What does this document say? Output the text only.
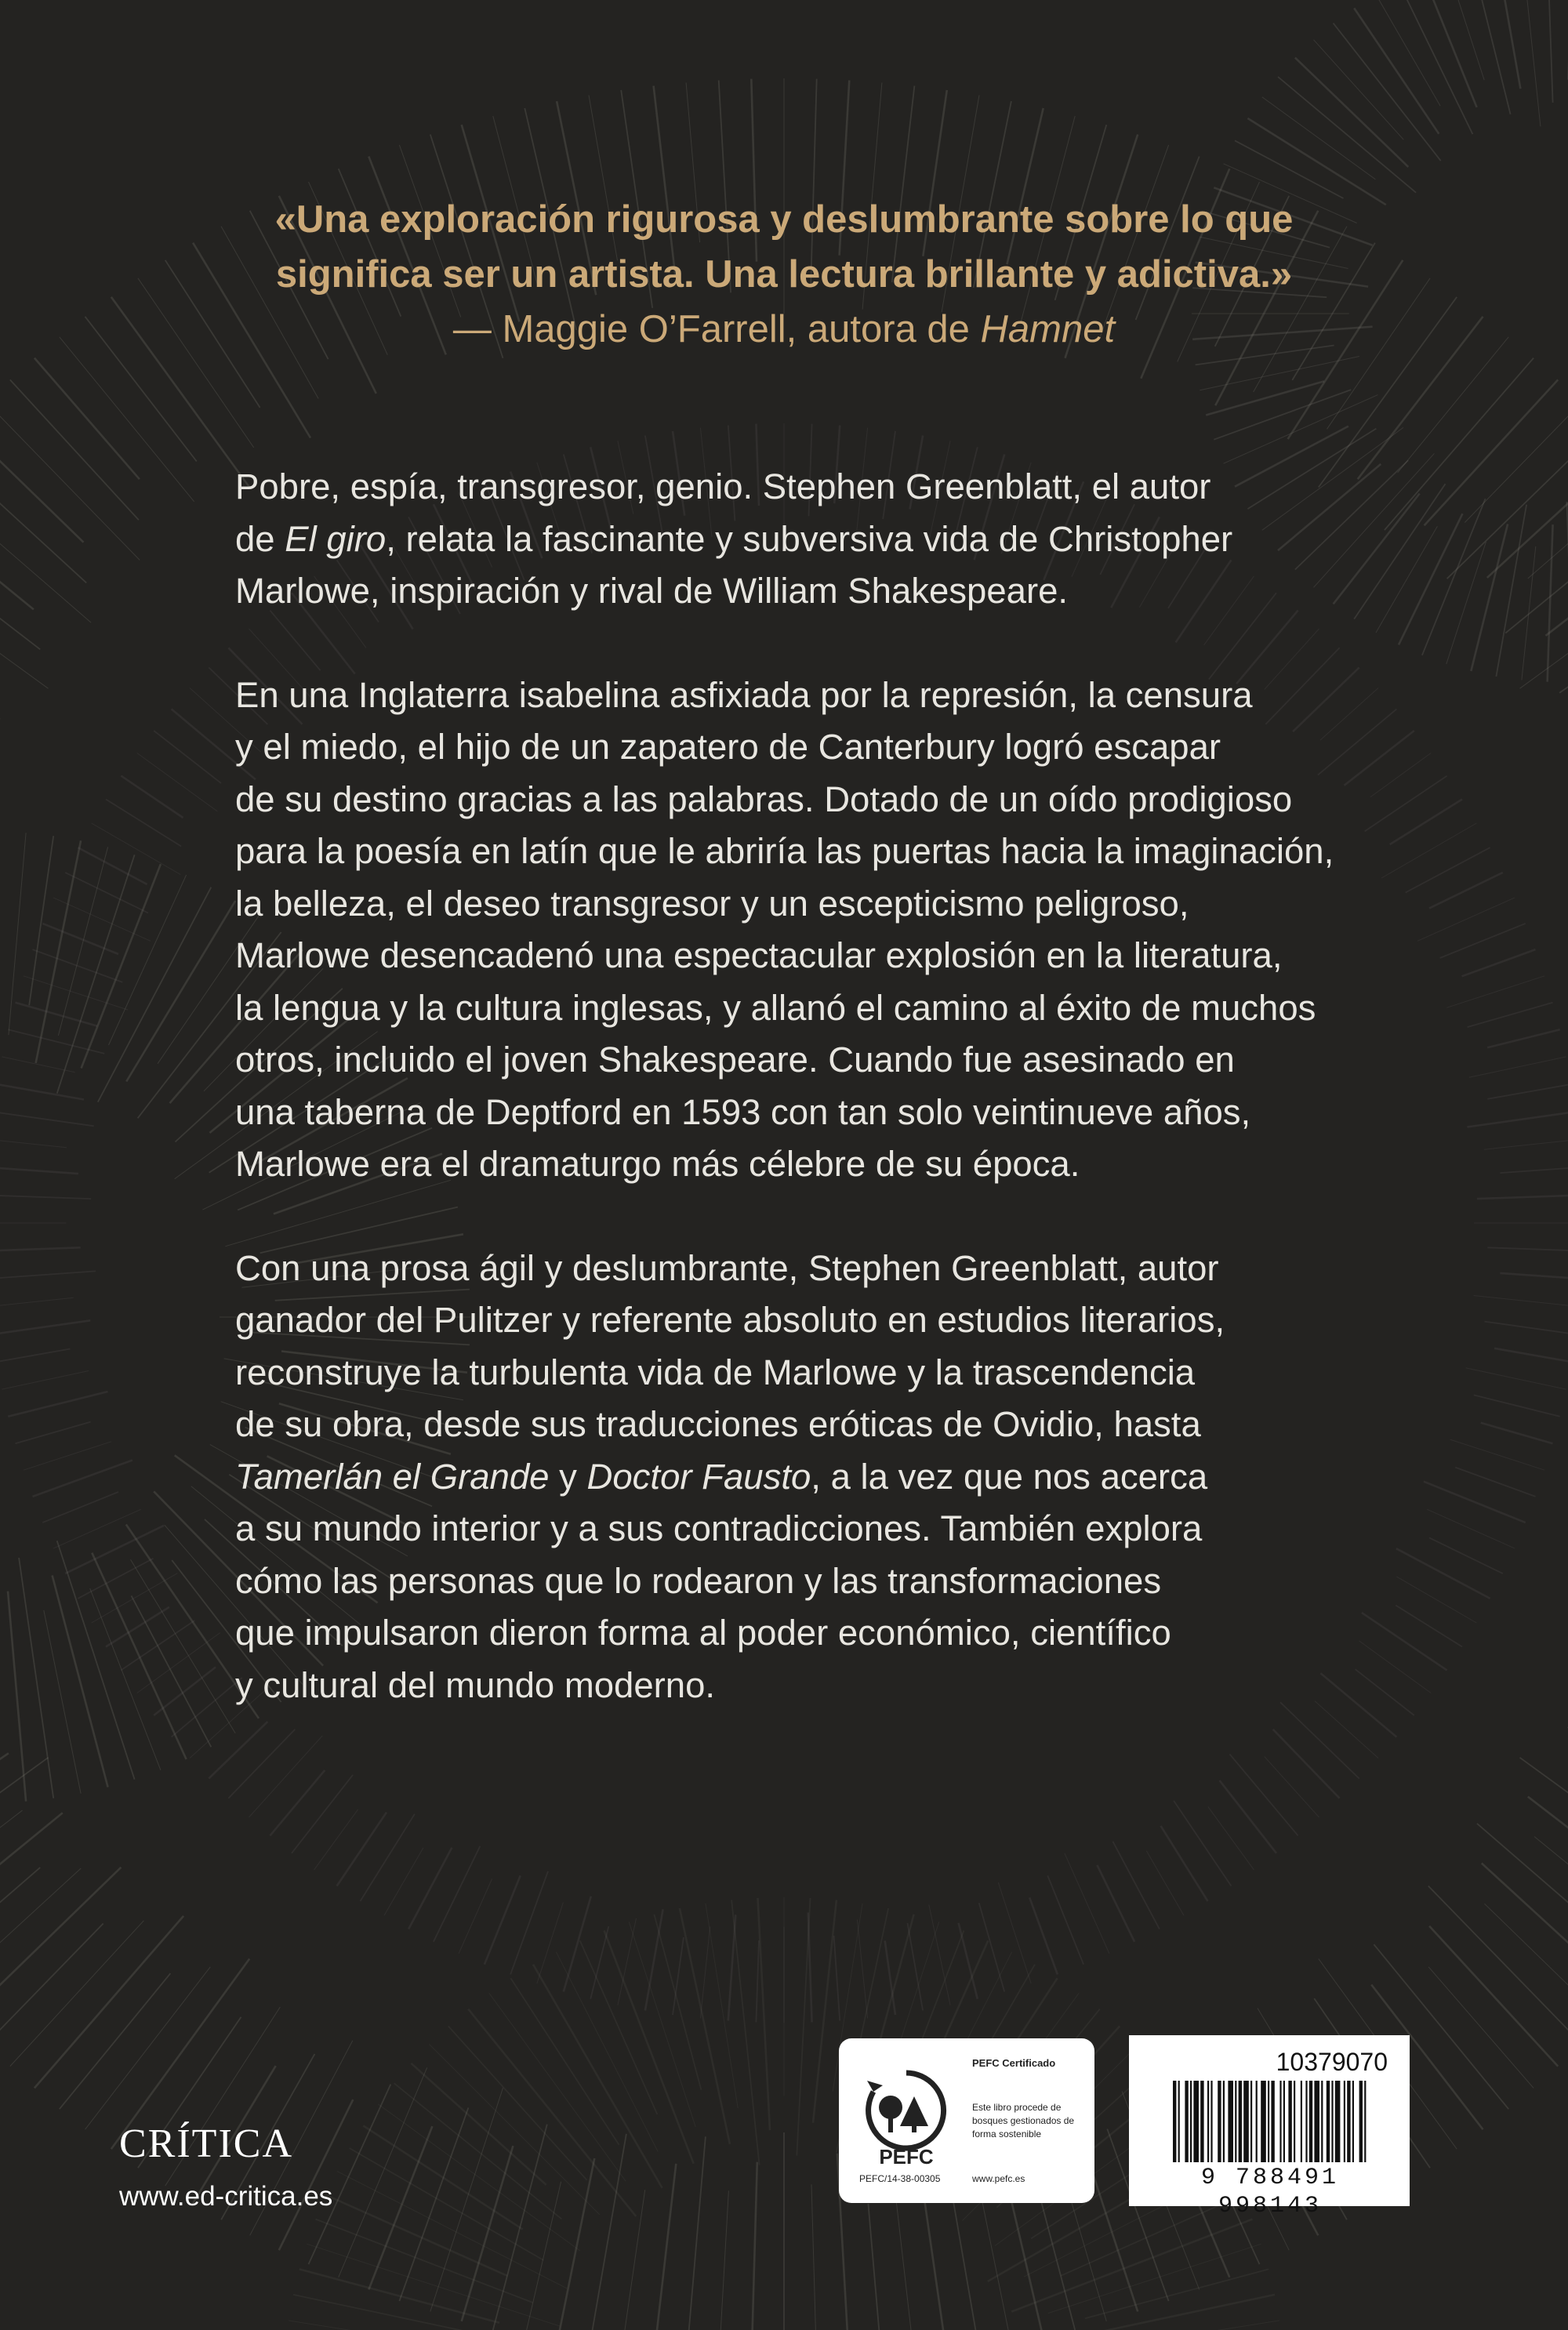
«Una exploración rigurosa y deslumbrante sobre lo que

significa ser un artista. Una lectura brillante y adictiva.»

— Maggie O’Farrell, autora de Hamnet

Pobre, espía, transgresor, genio. Stephen Greenblatt, el autor
de El giro, relata la fascinante y subversiva vida de Christopher
Marlowe, inspiración y rival de William Shakespeare.

En una Inglaterra isabelina asfixiada por la represión, la censura
y el miedo, el hijo de un zapatero de Canterbury logró escapar
de su destino gracias a las palabras. Dotado de un oído prodigioso
para la poesía en latín que le abriría las puertas hacia la imaginación,
la belleza, el deseo transgresor y un escepticismo peligroso,
Marlowe desencadenó una espectacular explosión en la literatura,
la lengua y la cultura inglesas, y allanó el camino al éxito de muchos
otros, incluido el joven Shakespeare. Cuando fue asesinado en
una taberna de Deptford en 1593 con tan solo veintinueve años,
Marlowe era el dramaturgo más célebre de su época.

Con una prosa ágil y deslumbrante, Stephen Greenblatt, autor
ganador del Pulitzer y referente absoluto en estudios literarios,
reconstruye la turbulenta vida de Marlowe y la trascendencia
de su obra, desde sus traducciones eróticas de Ovidio, hasta
Tamerlán el Grande y Doctor Fausto, a la vez que nos acerca
a su mundo interior y a sus contradicciones. También explora
cómo las personas que lo rodearon y las transformaciones
que impulsaron dieron forma al poder económico, científico
y cultural del mundo moderno.

CRÍTICA
www.ed-critica.es
PEFC
PEFC Certificado
Este libro procede de bosques gestionados de forma sostenible
PEFC/14-38-00305	www.pefc.es
10379070
9 788491 998143
